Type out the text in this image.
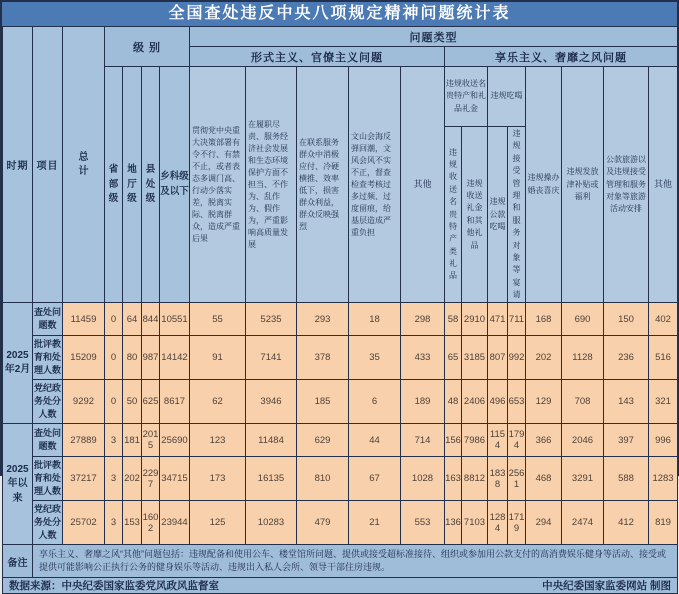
全国查处违反中央八项规定精神问题统计表
时期	项目	总计	级 别				问题类型												
							形式主义、官僚主义问题					享乐主义、奢靡之风问题							
			省部级	地厅级	县处级	乡科级及以下	贯彻党中央重大决策部署有令不行、有禁不止，或者表态多调门高、行动少落实差，脱离实际、脱离群众，造成严重后果	在履职尽责、服务经济社会发展和生态环境保护方面不担当、不作为、乱作为、假作为，严重影响高质量发展	在联系服务群众中消极应付、冷硬横推、效率低下，损害群众利益，群众反映强烈	文山会海反弹回潮，文风会风不实不正，督查检查考核过多过频、过度留痕，给基层造成严重负担	其他	违规收送名贵特产和礼品礼金		违规吃喝		违规操办婚丧喜庆	违规发放津补贴或福利	公款旅游以及违规接受管理和服务对象等旅游活动安排	其他
												违规收送名贵特产类礼品	违规收送礼金和其他礼品	违规公款吃喝	违规接受管理和服务对象等宴请				
2025年2月	查处问题数	11459	0	64	844	10551	55	5235	293	18	298	58	2910	471	711	168	690	150	402
	批评教育和处理人数	15209	0	80	987	14142	91	7141	378	35	433	65	3185	807	992	202	1128	236	516
	党纪政务处分人数	9292	0	50	625	8617	62	3946	185	6	189	48	2406	496	653	129	708	143	321
2025年以来	查处问题数	27889	3	181	2015	25690	123	11484	629	44	714	156	7986	1154	1794	366	2046	397	996
	批评教育和处理人数	37217	3	202	2297	34715	173	16135	810	67	1028	163	8812	1838	2561	468	3291	588	1283
	党纪政务处分人数	25702	3	153	1602	23944	125	10283	479	21	553	136	7103	1284	1719	294	2474	412	819
备注	享乐主义、奢靡之风“其他”问题包括：违规配备和使用公车、楼堂馆所问题、提供或接受超标准接待、组织或参加用公款支付的高消费娱乐健身等活动、接受或提供可能影响公正执行公务的健身娱乐等活动、违规出入私人会所、领导干部住房违规。																		

数据来源：中央纪委国家监委党风政风监督室 中央纪委国家监委网站 制图																			
